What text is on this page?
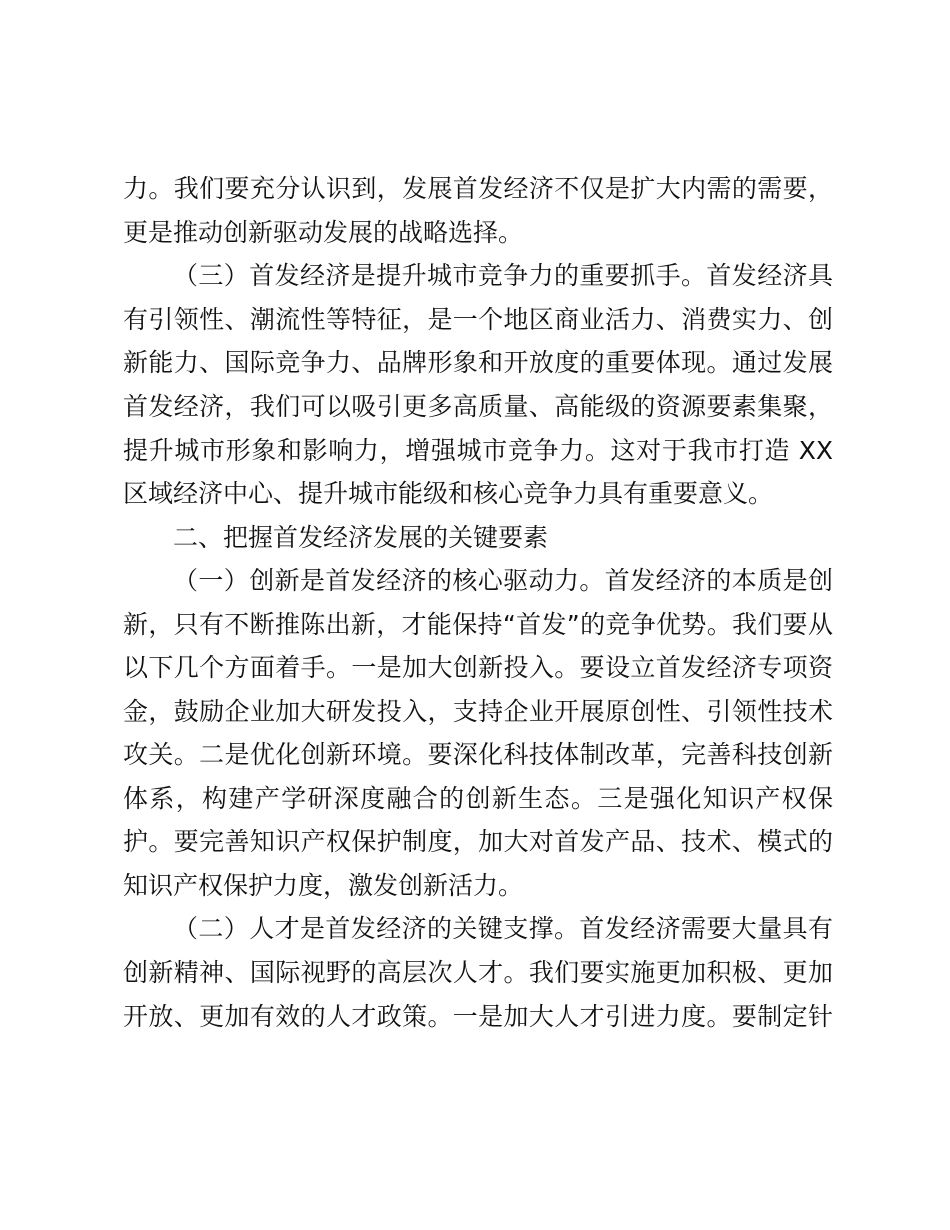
力。我们要充分认识到，发展首发经济不仅是扩大内需的需要，
更是推动创新驱动发展的战略选择。
（三）首发经济是提升城市竞争力的重要抓手。首发经济具
有引领性、潮流性等特征，是一个地区商业活力、消费实力、创
新能力、国际竞争力、品牌形象和开放度的重要体现。通过发展
首发经济，我们可以吸引更多高质量、高能级的资源要素集聚，
提升城市形象和影响力，增强城市竞争力。这对于我市打造 XX
区域经济中心、提升城市能级和核心竞争力具有重要意义。
二、把握首发经济发展的关键要素
（一）创新是首发经济的核心驱动力。首发经济的本质是创
新，只有不断推陈出新，才能保持“首发”的竞争优势。我们要从
以下几个方面着手。一是加大创新投入。要设立首发经济专项资
金，鼓励企业加大研发投入，支持企业开展原创性、引领性技术
攻关。二是优化创新环境。要深化科技体制改革，完善科技创新
体系，构建产学研深度融合的创新生态。三是强化知识产权保
护。要完善知识产权保护制度，加大对首发产品、技术、模式的
知识产权保护力度，激发创新活力。
（二）人才是首发经济的关键支撑。首发经济需要大量具有
创新精神、国际视野的高层次人才。我们要实施更加积极、更加
开放、更加有效的人才政策。一是加大人才引进力度。要制定针
